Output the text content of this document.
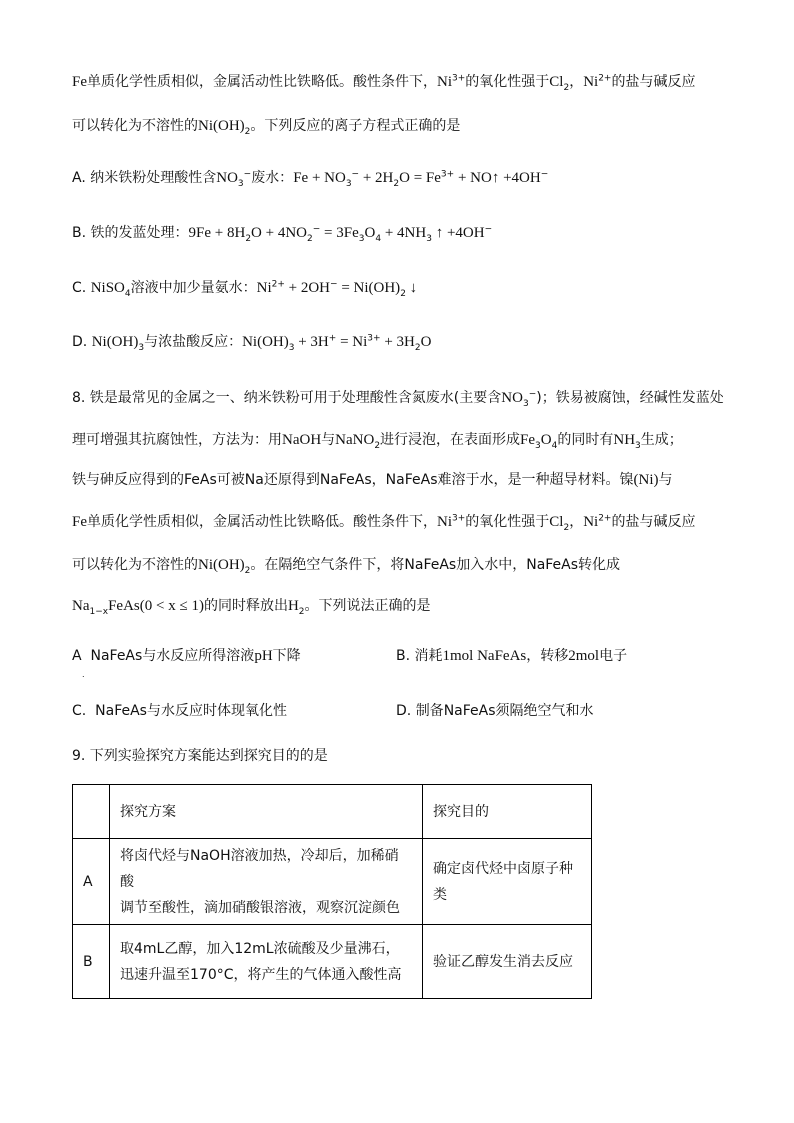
Fe单质化学性质相似，金属活动性比铁略低。酸性条件下，$Ni^{3+}$的氧化性强于$Cl_2$，$Ni^{2+}$的盐与碱反应
可以转化为不溶性的$Ni(OH)_2$。下列反应的离子方程式正确的是
A. 纳米铁粉处理酸性含$NO_3^-$废水：$Fe + NO_3^- + 2H_2O = Fe^{3+}$ + NO↑ +4OH−
B. 铁的发蓝处理：$9Fe + 8H_2O + 4NO_2^- = 3Fe_3O_4 + 4NH_3$ ↑ +4OH−
C. NiSO$_4$溶液中加少量氨水：$Ni^{2+} + 2OH^- = Ni(OH)_2$ ↓
D. $Ni(OH)_3$与浓盐酸反应：$Ni(OH)_3 + 3H^+ = Ni^{3+} + 3H_2O$
8. 铁是最常见的金属之一、纳米铁粉可用于处理酸性含氮废水(主要含$NO_3^-$)；铁易被腐蚀，经碱性发蓝处
理可增强其抗腐蚀性，方法为：用NaOH与NaNO$_2$进行浸泡，在表面形成$Fe_3O_4$的同时有$NH_3$生成；
铁与砷反应得到的FeAs可被Na还原得到NaFeAs，NaFeAs难溶于水，是一种超导材料。镍(Ni)与
Fe单质化学性质相似，金属活动性比铁略低。酸性条件下，$Ni^{3+}$的氧化性强于$Cl_2$，$Ni^{2+}$的盐与碱反应
可以转化为不溶性的$Ni(OH)_2$。在隔绝空气条件下，将NaFeAs加入水中，NaFeAs转化成
$Na_{1-x}FeAs(0 < x \le 1)$的同时释放出$H_2$。下列说法正确的是
A NaFeAs与水反应所得溶液pH下降
.
B. 消耗1mol NaFeAs，转移2mol电子
C. NaFeAs与水反应时体现氧化性	D. 制备NaFeAs须隔绝空气和水
9. 下列实验探究方案能达到探究目的的是
	探究方案	探究目的
A	将卤代烃与NaOH溶液加热，冷却后，加稀硝酸
调节至酸性，滴加硝酸银溶液，观察沉淀颜色	确定卤代烃中卤原子种类
B	取4mL乙醇，加入12mL浓硫酸及少量沸石，
迅速升温至170°C，将产生的气体通入酸性高	验证乙醇发生消去反应
